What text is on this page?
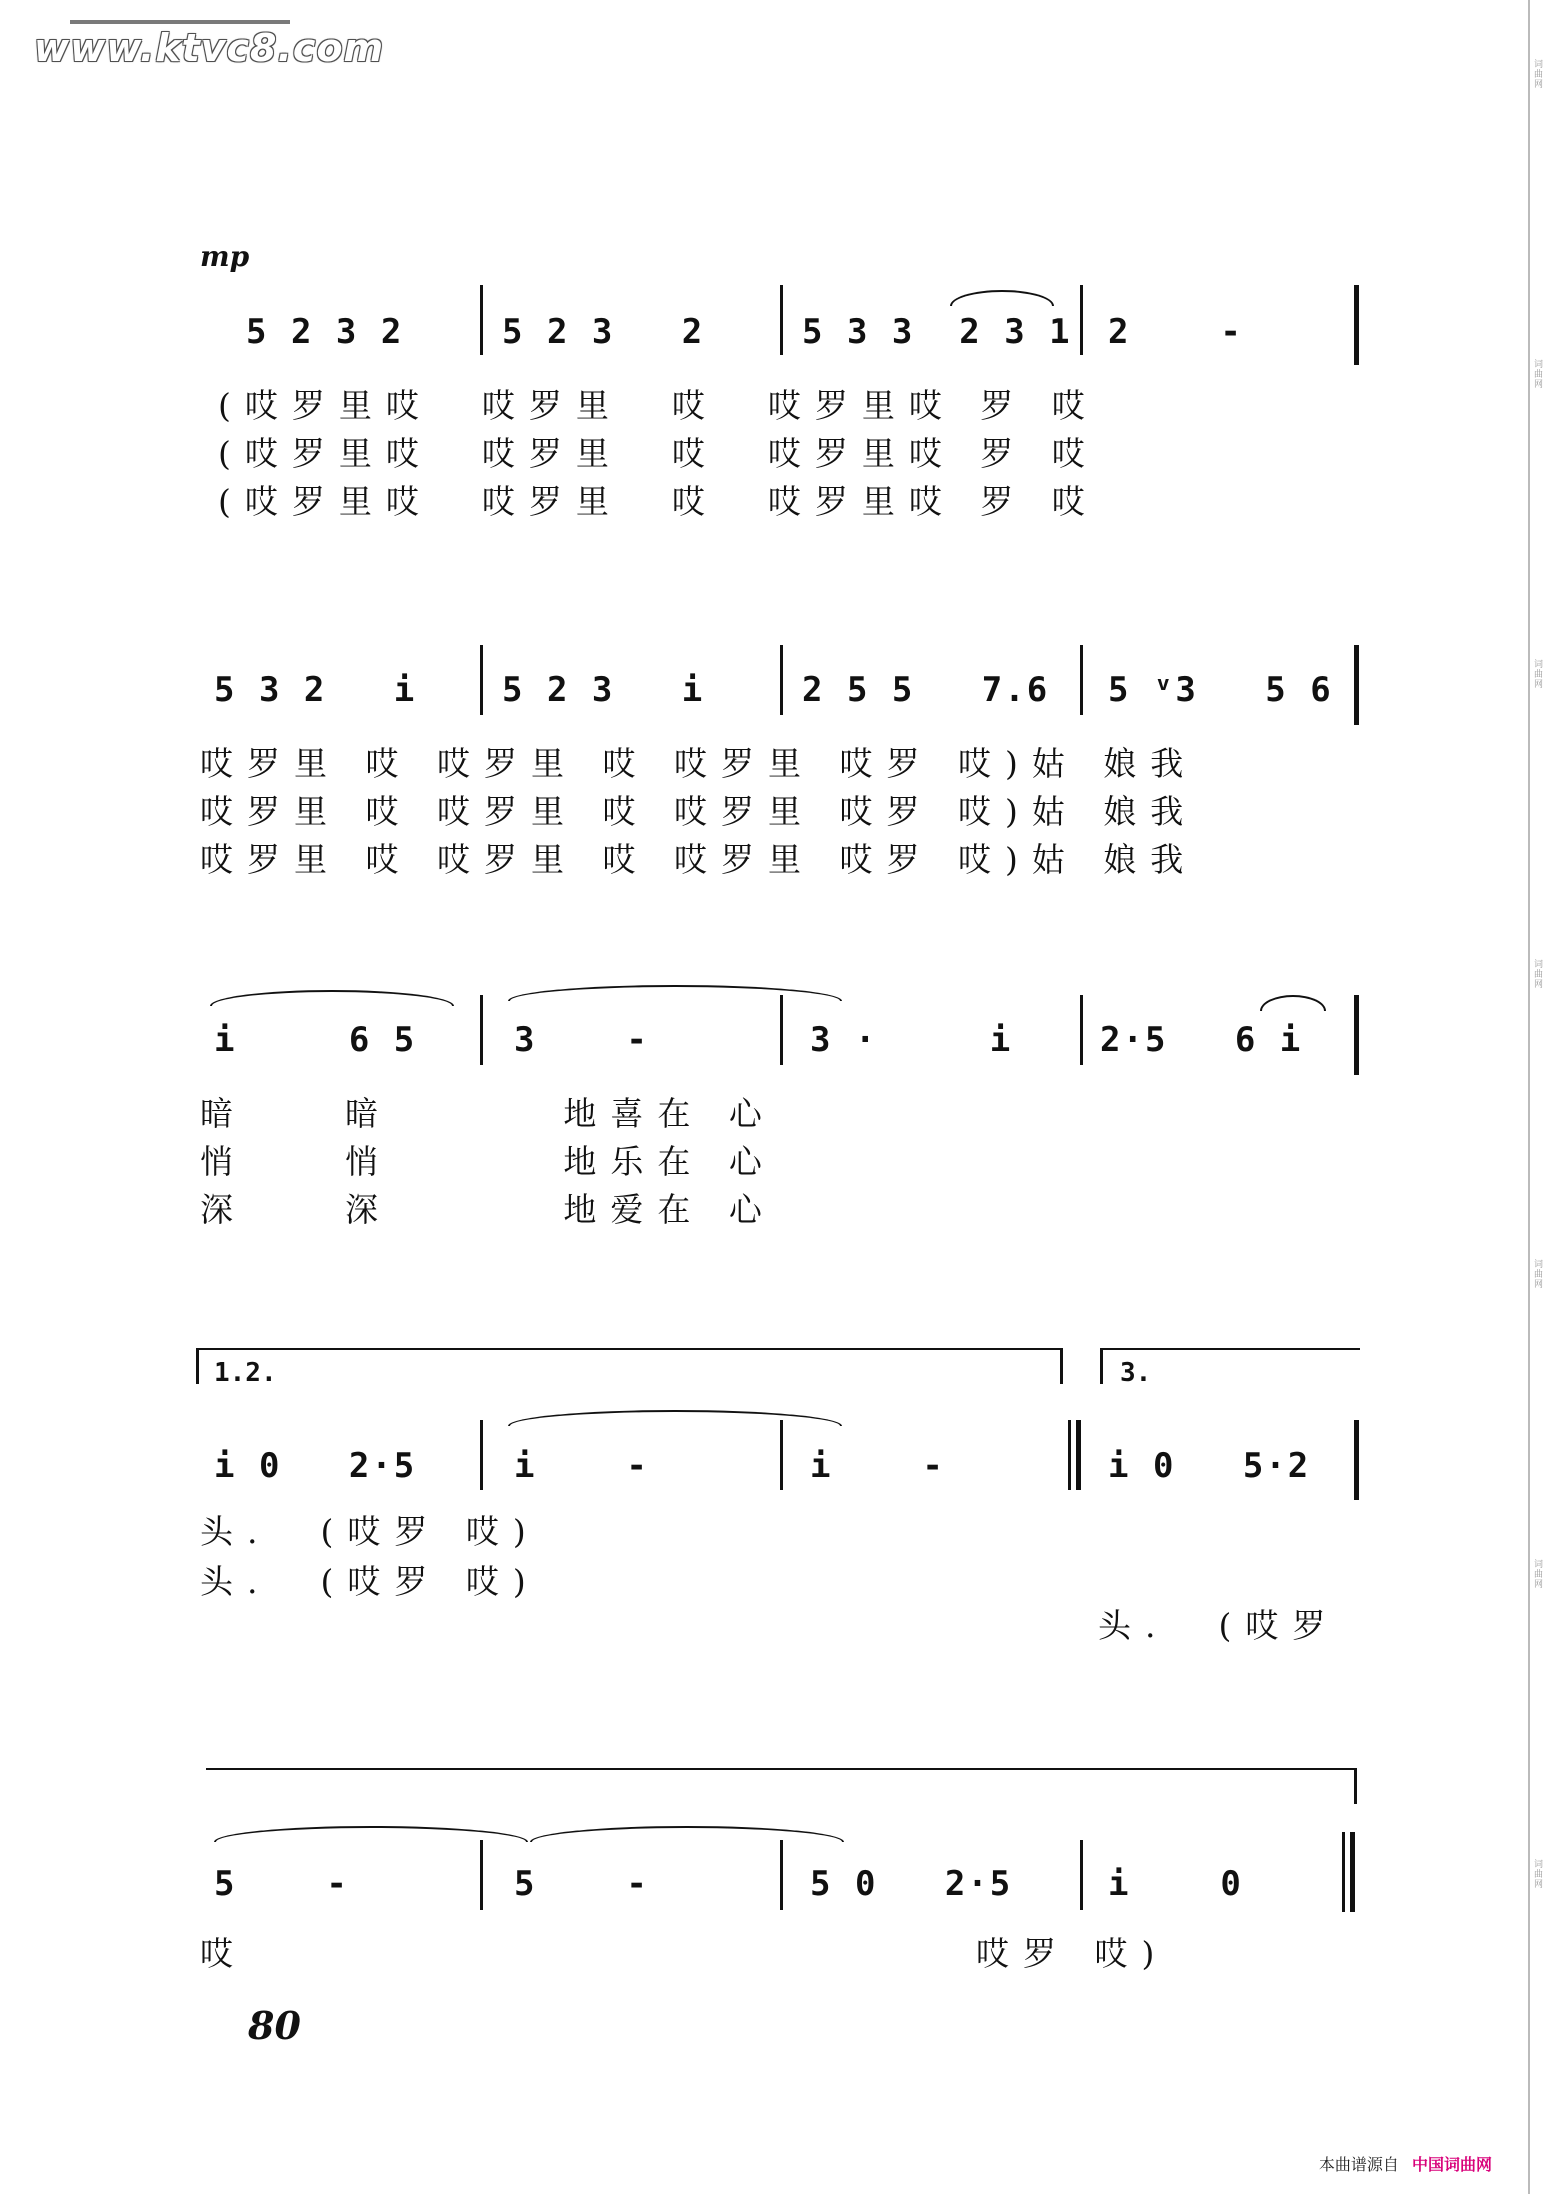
www.ktvc8.com	词曲网
词曲网
词曲网
词曲网
词曲网
词曲网
词曲网
mp
5 2 3 2	5 2 3   2	5 3 3  2 3 1 2    -
(哎罗里哎  哎罗里  哎  哎罗里哎 罗 哎
(哎罗里哎  哎罗里  哎  哎罗里哎 罗 哎
(哎罗里哎  哎罗里  哎  哎罗里哎 罗 哎
5 3 2   i	5 2 3   i	2 5 5   7.6 5 ᵛ3   5 6
哎罗里 哎 哎罗里 哎 哎罗里 哎罗 哎)姑 娘我
哎罗里 哎 哎罗里 哎 哎罗里 哎罗 哎)姑 娘我
哎罗里 哎 哎罗里 哎 哎罗里 哎罗 哎)姑 娘我
i     6 5	3    -	3 ·     i	2·5   6 i
暗    暗       地喜在 心
悄    悄       地乐在 心
深    深       地爱在 心
1.2.	3.
i 0   2·5	i    -	i    -	i 0   5·2
头.  (哎罗 哎)
头.  (哎罗 哎)
头.  (哎罗
5    -	5    -	5 0   2·5	i    0
哎	哎罗 哎)
80
本曲谱源自 中国词曲网
